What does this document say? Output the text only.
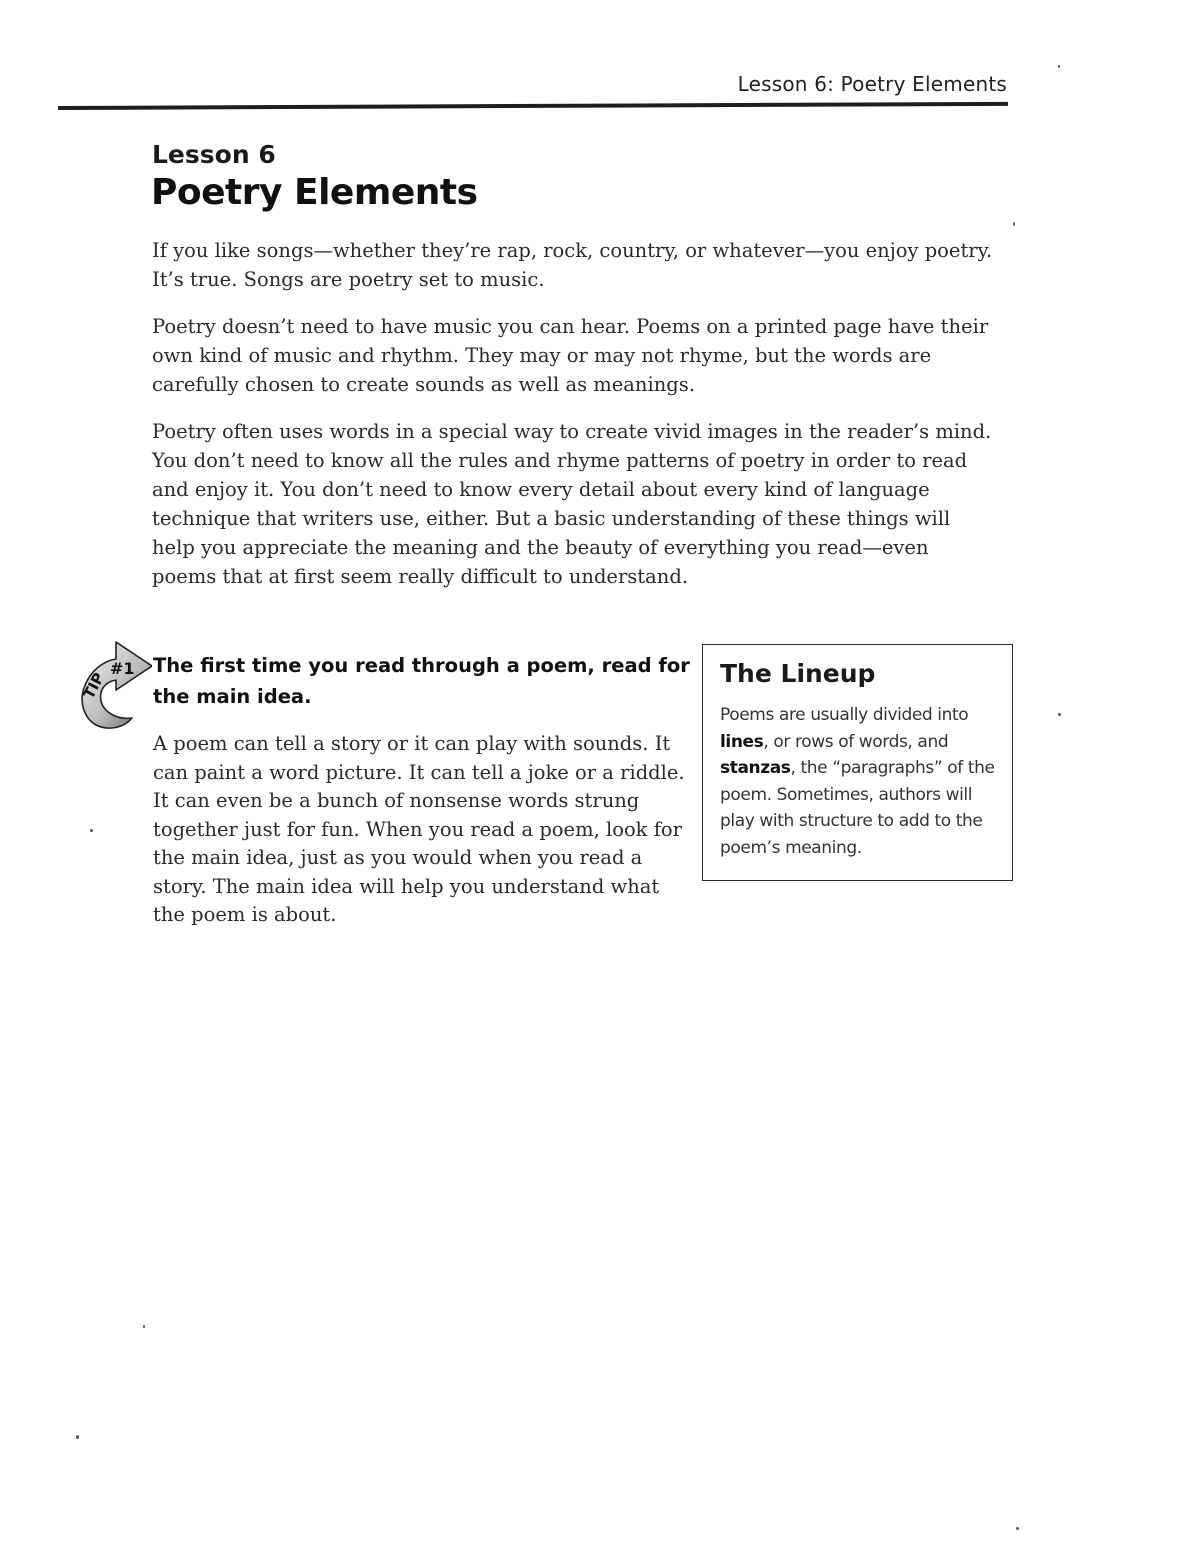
Lesson 6: Poetry Elements
Lesson 6
Poetry Elements

If you like songs—whether they’re rap, rock, country, or whatever—you enjoy poetry. It’s true. Songs are poetry set to music.

Poetry doesn’t need to have music you can hear. Poems on a printed page have their own kind of music and rhythm. They may or may not rhyme, but the words are carefully chosen to create sounds as well as meanings.

Poetry often uses words in a special way to create vivid images in the reader’s mind. You don’t need to know all the rules and rhyme patterns of poetry in order to read and enjoy it. You don’t need to know every detail about every kind of language technique that writers use, either. But a basic understanding of these things will help you appreciate the meaning and the beauty of everything you read—even poems that at first seem really difficult to understand.

TIP
#1 The first time you read through a poem, read for the main idea.
A poem can tell a story or it can play with sounds. It can paint a word picture. It can tell a joke or a riddle. It can even be a bunch of nonsense words strung together just for fun. When you read a poem, look for the main idea, just as you would when you read a story. The main idea will help you understand what the poem is about.
The Lineup
Poems are usually divided into lines, or rows of words, and stanzas, the “paragraphs” of the poem. Sometimes, authors will play with structure to add to the poem’s meaning.
